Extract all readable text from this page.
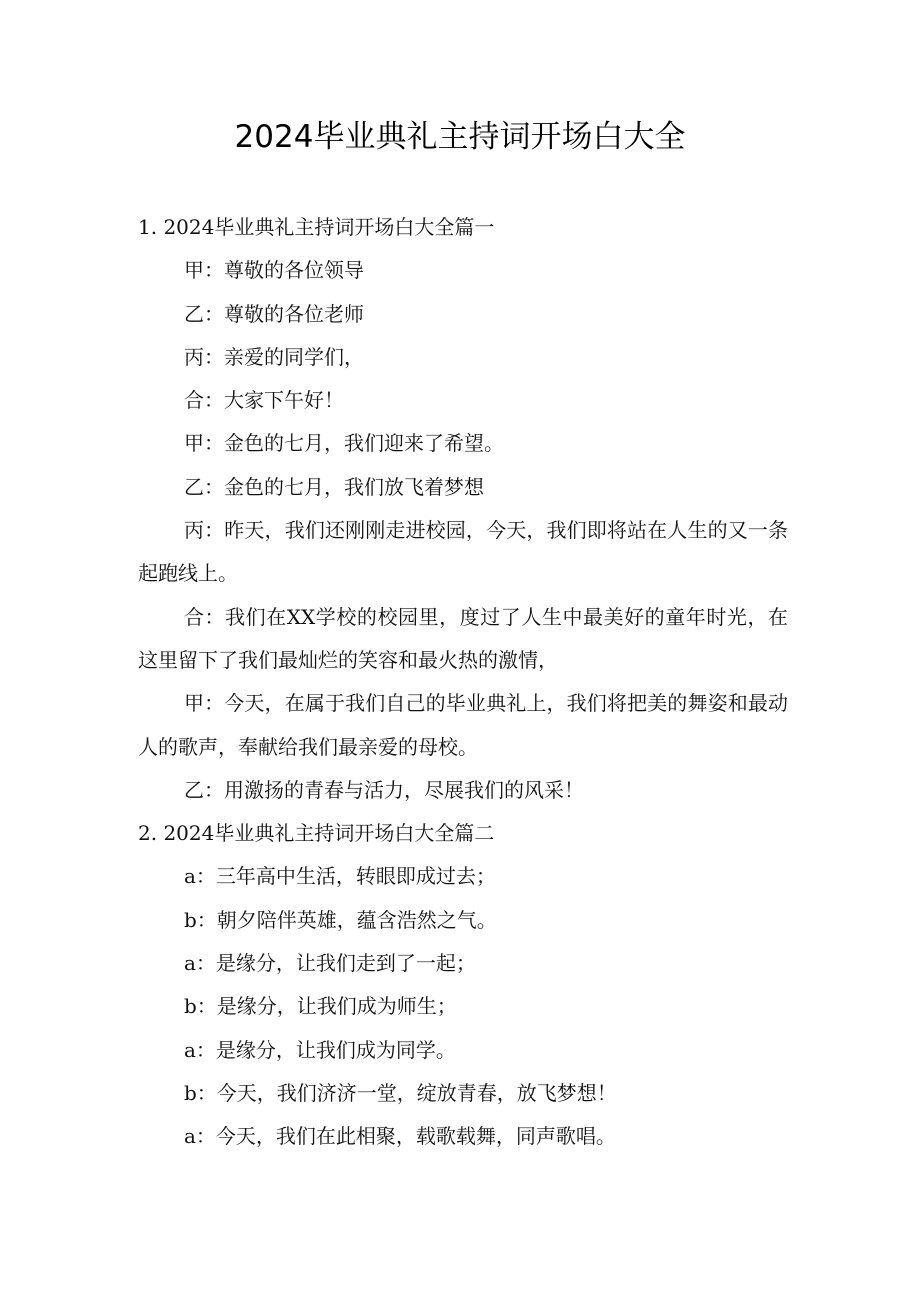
2024毕业典礼主持词开场白大全

1. 2024毕业典礼主持词开场白大全篇一

甲：尊敬的各位领导

乙：尊敬的各位老师

丙：亲爱的同学们，

合：大家下午好！

甲：金色的七月，我们迎来了希望。

乙：金色的七月，我们放飞着梦想

丙：昨天，我们还刚刚走进校园，今天，我们即将站在人生的又一条起跑线上。

合：我们在XX学校的校园里，度过了人生中最美好的童年时光，在这里留下了我们最灿烂的笑容和最火热的激情，

甲：今天，在属于我们自己的毕业典礼上，我们将把美的舞姿和最动人的歌声，奉献给我们最亲爱的母校。

乙：用激扬的青春与活力，尽展我们的风采！

2. 2024毕业典礼主持词开场白大全篇二

a：三年高中生活，转眼即成过去；

b：朝夕陪伴英雄，蕴含浩然之气。

a：是缘分，让我们走到了一起；

b：是缘分，让我们成为师生；

a：是缘分，让我们成为同学。

b：今天，我们济济一堂，绽放青春，放飞梦想！

a：今天，我们在此相聚，载歌载舞，同声歌唱。
